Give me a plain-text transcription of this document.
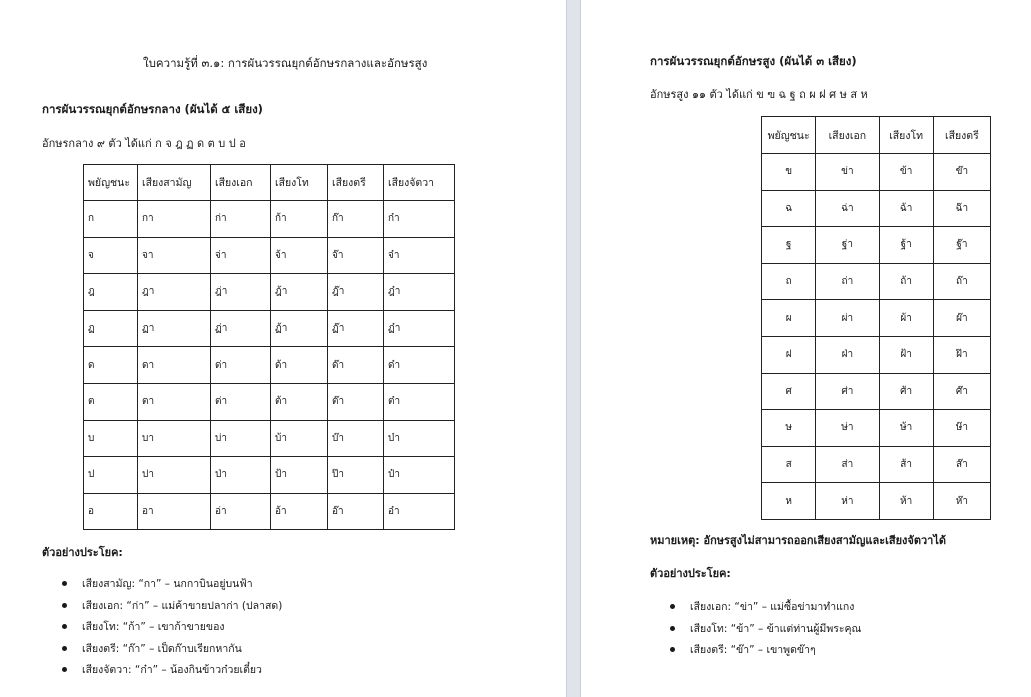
ใบความรู้ที่ ๓.๑: การผันวรรณยุกต์อักษรกลางและอักษรสูง
การผันวรรณยุกต์อักษรกลาง (ผันได้ ๕ เสียง)
อักษรกลาง ๙ ตัว ได้แก่ ก จ ฎ ฏ ด ต บ ป อ
พยัญชนะ	เสียงสามัญ	เสียงเอก	เสียงโท	เสียงตรี	เสียงจัตวา
ก	กา	ก่า	ก้า	ก๊า	ก๋า
จ	จา	จ่า	จ้า	จ๊า	จ๋า
ฎ	ฎา	ฎ่า	ฎ้า	ฎ๊า	ฎ๋า
ฏ	ฏา	ฏ่า	ฏ้า	ฏ๊า	ฏ๋า
ด	ดา	ด่า	ด้า	ด๊า	ด๋า
ต	ตา	ต่า	ต้า	ต๊า	ต๋า
บ	บา	บ่า	บ้า	บ๊า	บ๋า
ป	ปา	ป่า	ป้า	ป๊า	ป๋า
อ	อา	อ่า	อ้า	อ๊า	อ๋า
ตัวอย่างประโยค:
เสียงสามัญ: “กา” – นกกาบินอยู่บนฟ้า
เสียงเอก: “ก่า” – แม่ค้าขายปลาก่า (ปลาสด)
เสียงโท: “ก้า” – เขาก้าขายของ
เสียงตรี: “ก๊า” – เป็ดก๊าบเรียกหากัน
เสียงจัตวา: “ก๋า” – น้องกินข้าวก๋วยเตี๋ยว
การผันวรรณยุกต์อักษรสูง (ผันได้ ๓ เสียง)
อักษรสูง ๑๑ ตัว ได้แก่ ข ฃ ฉ ฐ ถ ผ ฝ ศ ษ ส ห
พยัญชนะ	เสียงเอก	เสียงโท	เสียงตรี
ข	ข่า	ข้า	ข๊า
ฉ	ฉ่า	ฉ้า	ฉ๊า
ฐ	ฐ่า	ฐ้า	ฐ๊า
ถ	ถ่า	ถ้า	ถ๊า
ผ	ผ่า	ผ้า	ผ๊า
ฝ	ฝ่า	ฝ้า	ฝ๊า
ศ	ศ่า	ศ้า	ศ๊า
ษ	ษ่า	ษ้า	ษ๊า
ส	ส่า	ส้า	ส๊า
ห	ห่า	ห้า	ห๊า
หมายเหตุ: อักษรสูงไม่สามารถออกเสียงสามัญและเสียงจัตวาได้
ตัวอย่างประโยค:
เสียงเอก: “ข่า” – แม่ซื้อข่ามาทำแกง
เสียงโท: “ข้า” – ข้าแต่ท่านผู้มีพระคุณ
เสียงตรี: “ข๊า” – เขาพูดข๊าๆ
